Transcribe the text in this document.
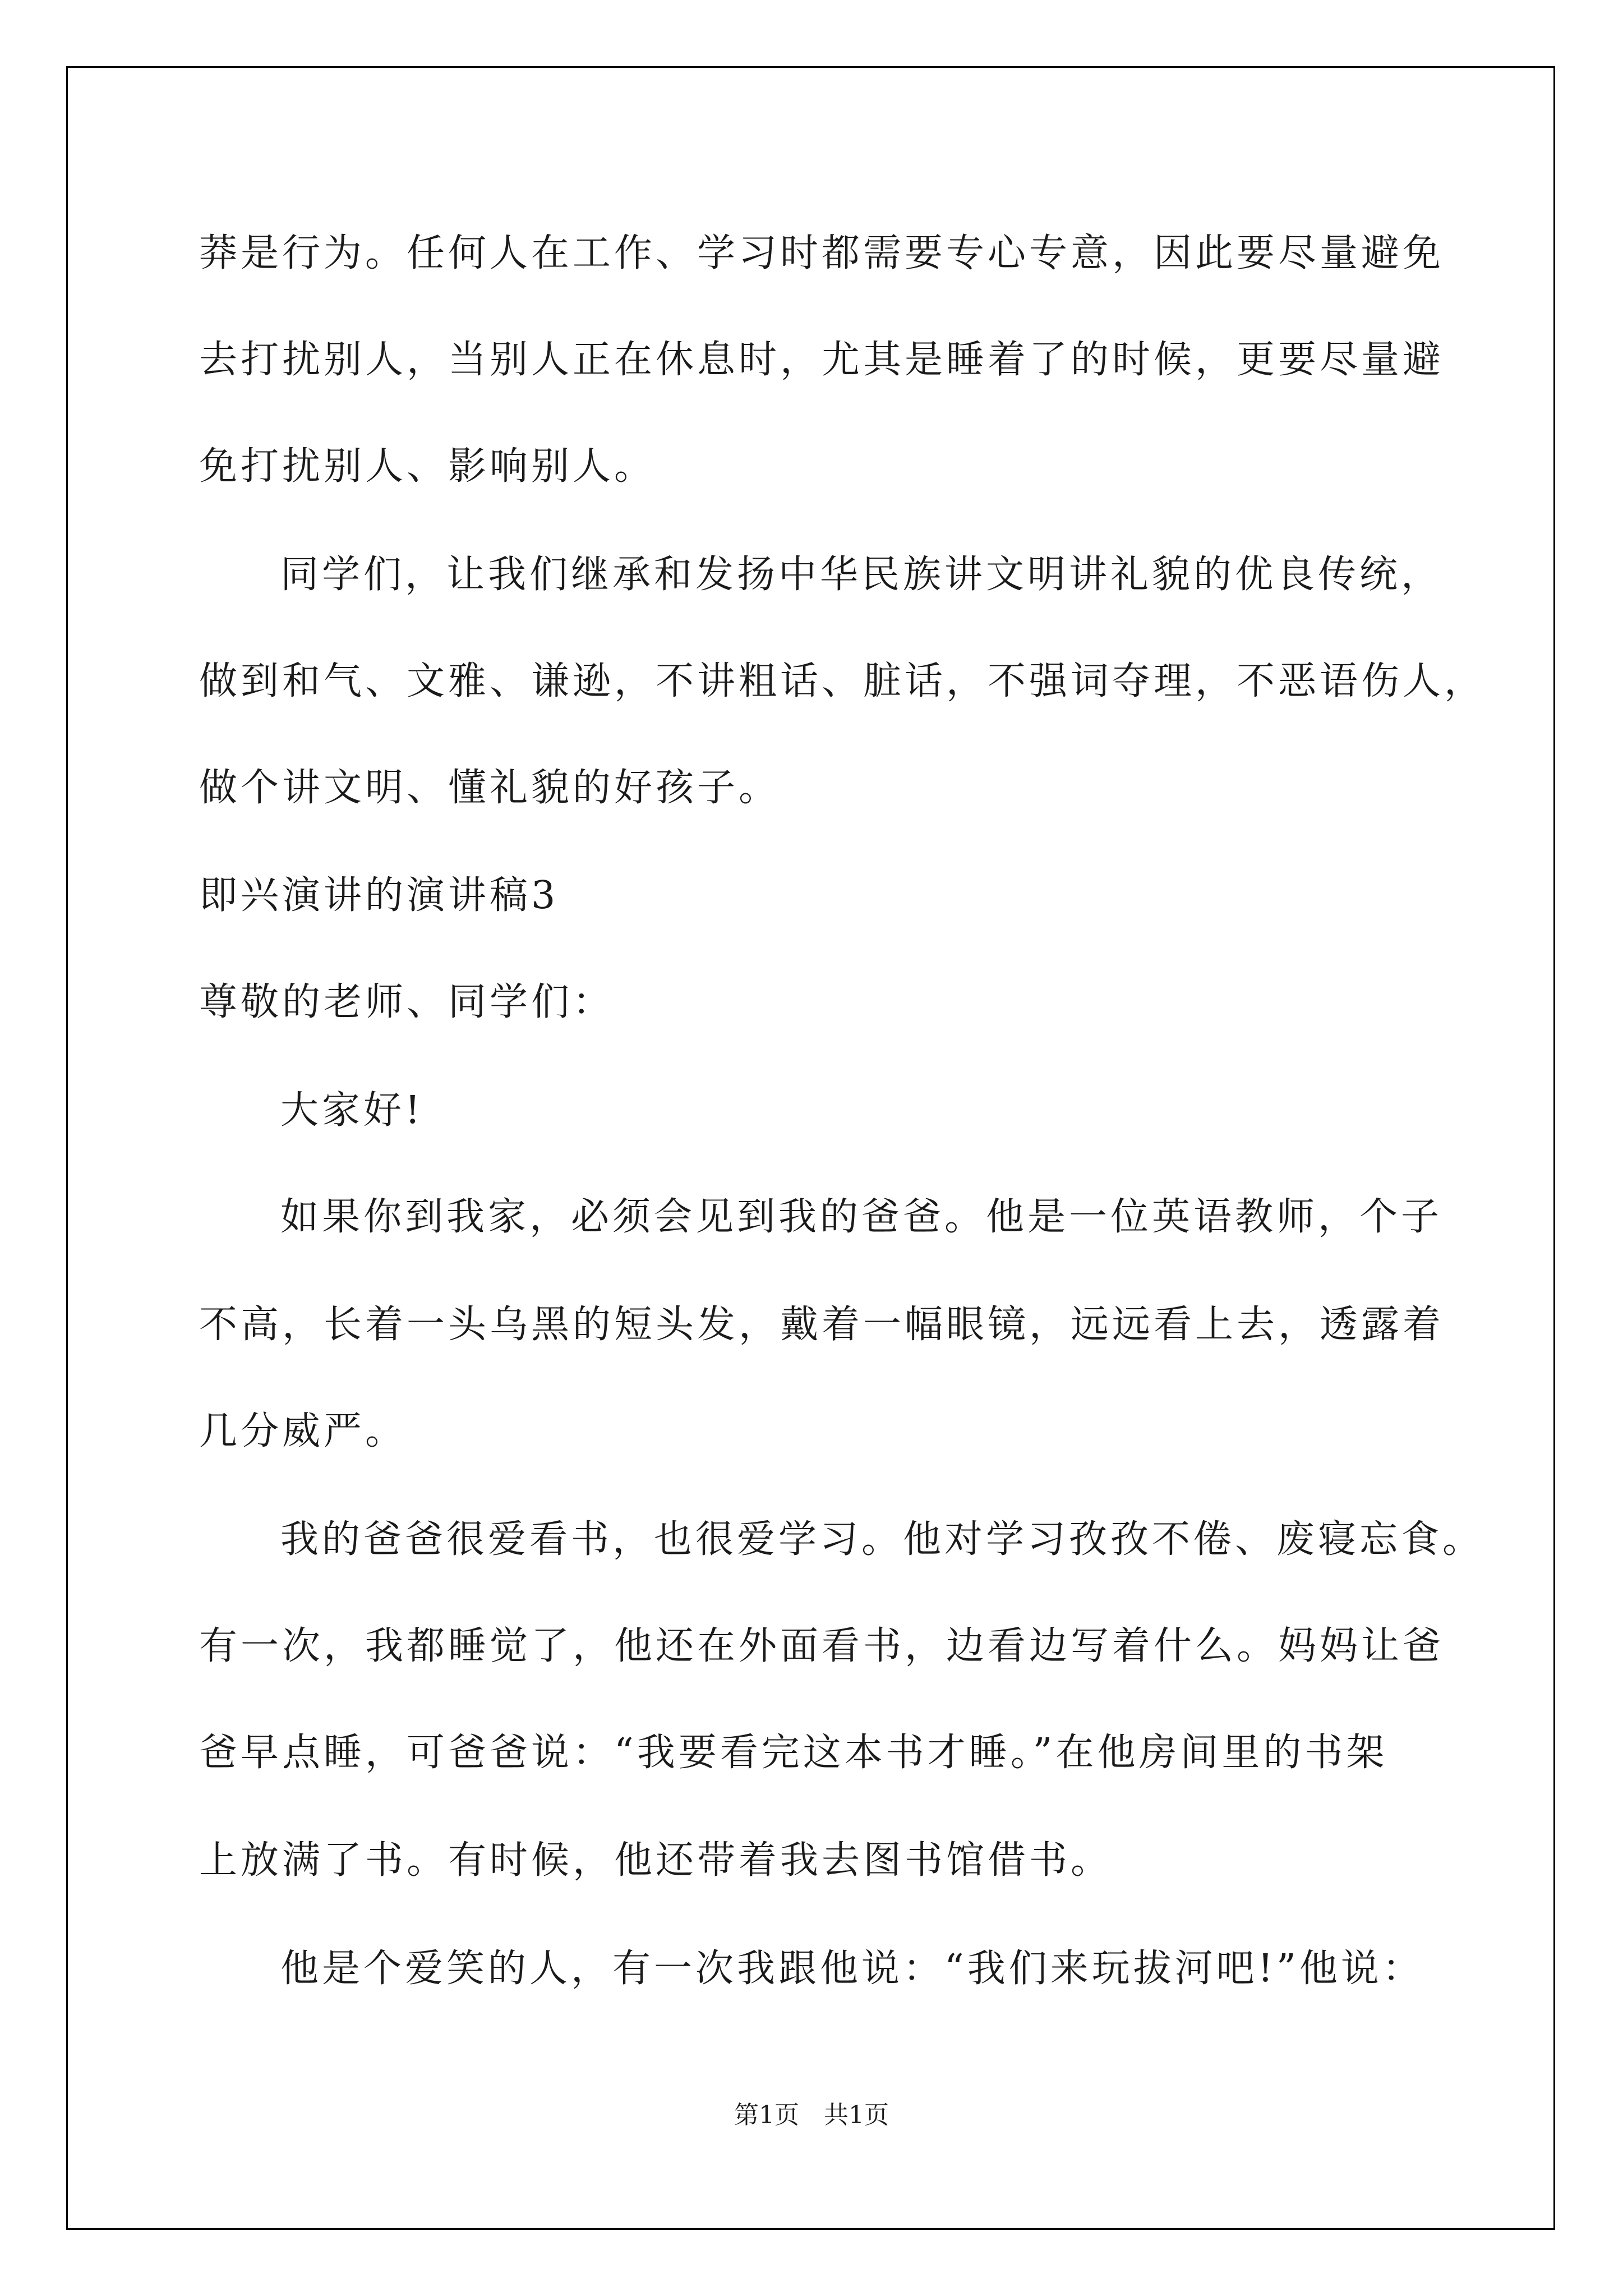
莽是行为。任何人在工作、学习时都需要专心专意，因此要尽量避免

去打扰别人，当别人正在休息时，尤其是睡着了的时候，更要尽量避

免打扰别人、影响别人。

同学们，让我们继承和发扬中华民族讲文明讲礼貌的优良传统，

做到和气、文雅、谦逊，不讲粗话、脏话，不强词夺理，不恶语伤人，

做个讲文明、懂礼貌的好孩子。

即兴演讲的演讲稿3

尊敬的老师、同学们：

大家好!

如果你到我家，必须会见到我的爸爸。他是一位英语教师，个子

不高，长着一头乌黑的短头发，戴着一幅眼镜，远远看上去，透露着

几分威严。

我的爸爸很爱看书，也很爱学习。他对学习孜孜不倦、废寝忘食。

有一次，我都睡觉了，他还在外面看书，边看边写着什么。妈妈让爸

爸早点睡，可爸爸说：“我要看完这本书才睡。”在他房间里的书架

上放满了书。有时候，他还带着我去图书馆借书。

他是个爱笑的人，有一次我跟他说：“我们来玩拔河吧!”他说：

第1页　共1页
